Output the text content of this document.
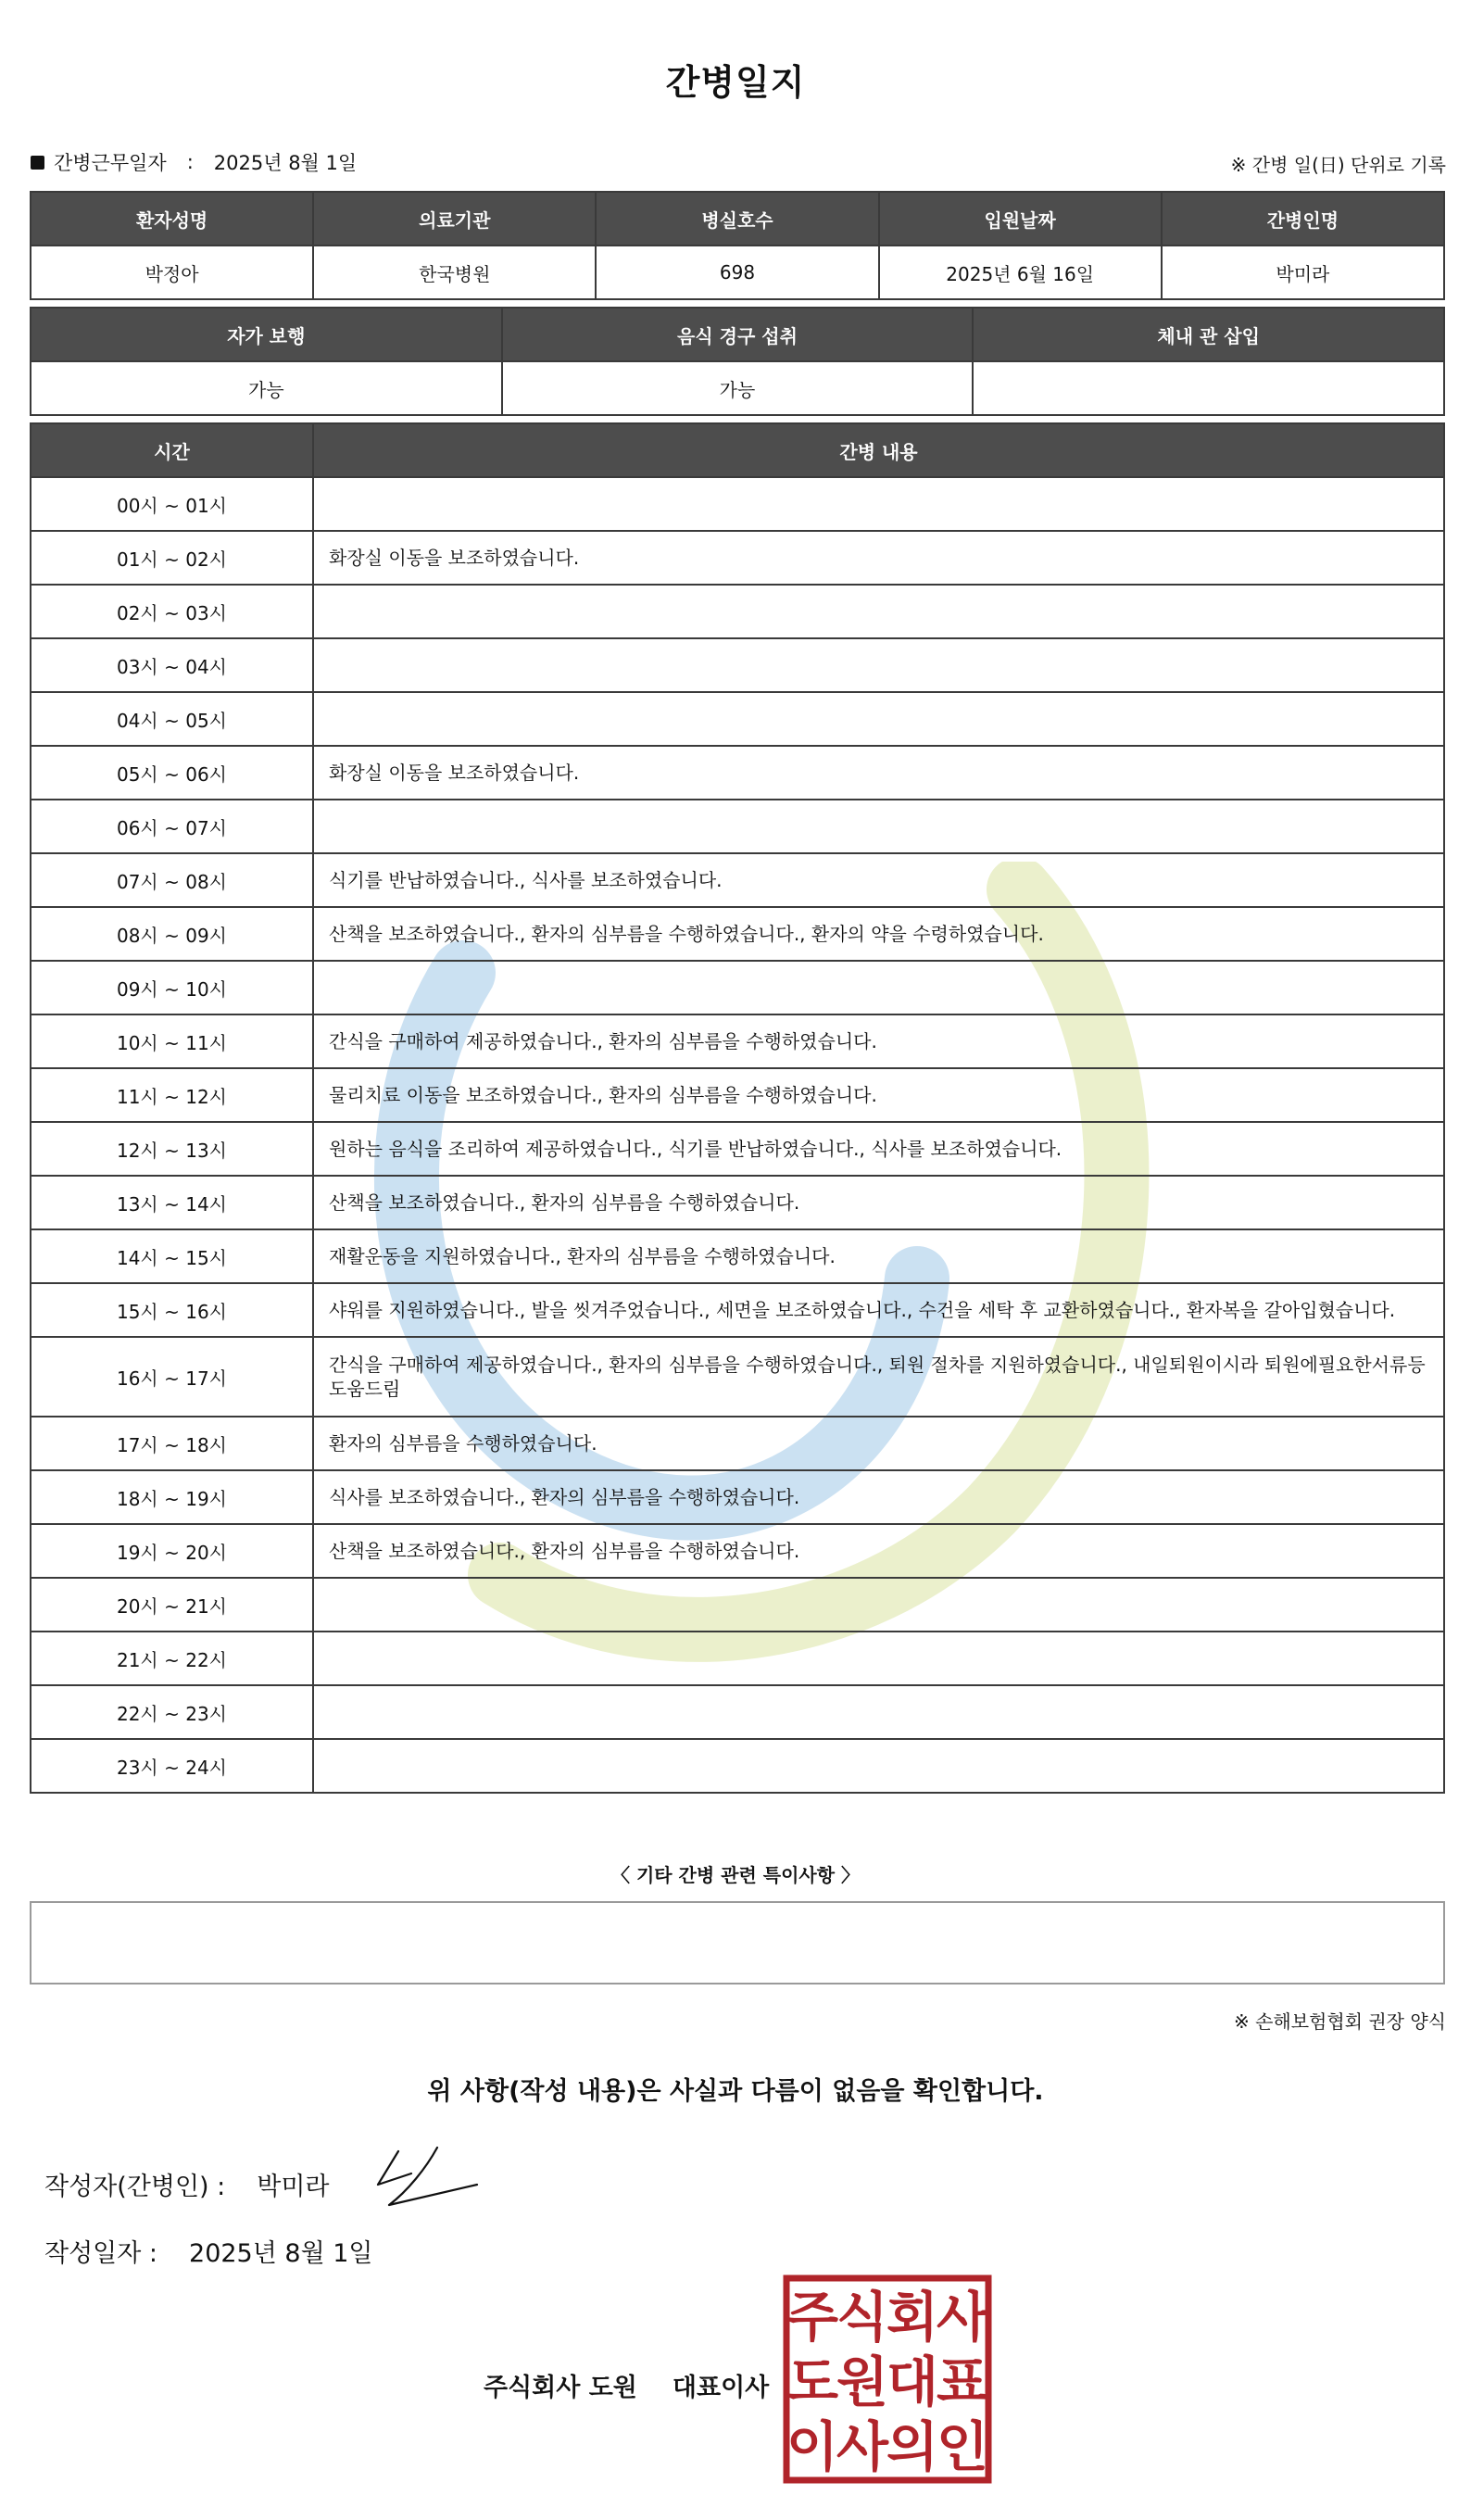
간병일지
간병근무일자 : 2025년 8월 1일	※ 간병 일(日) 단위로 기록
환자성명	의료기관	병실호수	입원날짜	간병인명
박정아	한국병원	698	2025년 6월 16일	박미라
자가 보행	음식 경구 섭취	체내 관 삽입
가능	가능	
시간	간병 내용
00시 ~ 01시	
01시 ~ 02시	화장실 이동을 보조하였습니다.
02시 ~ 03시	
03시 ~ 04시	
04시 ~ 05시	
05시 ~ 06시	화장실 이동을 보조하였습니다.
06시 ~ 07시	
07시 ~ 08시	식기를 반납하였습니다., 식사를 보조하였습니다.
08시 ~ 09시	산책을 보조하였습니다., 환자의 심부름을 수행하였습니다., 환자의 약을 수령하였습니다.
09시 ~ 10시	
10시 ~ 11시	간식을 구매하여 제공하였습니다., 환자의 심부름을 수행하였습니다.
11시 ~ 12시	물리치료 이동을 보조하였습니다., 환자의 심부름을 수행하였습니다.
12시 ~ 13시	원하는 음식을 조리하여 제공하였습니다., 식기를 반납하였습니다., 식사를 보조하였습니다.
13시 ~ 14시	산책을 보조하였습니다., 환자의 심부름을 수행하였습니다.
14시 ~ 15시	재활운동을 지원하였습니다., 환자의 심부름을 수행하였습니다.
15시 ~ 16시	샤워를 지원하였습니다., 발을 씻겨주었습니다., 세면을 보조하였습니다., 수건을 세탁 후 교환하였습니다., 환자복을 갈아입혔습니다.
16시 ~ 17시	간식을 구매하여 제공하였습니다., 환자의 심부름을 수행하였습니다., 퇴원 절차를 지원하였습니다., 내일퇴원이시라 퇴원에필요한서류등 도움드림
17시 ~ 18시	환자의 심부름을 수행하였습니다.
18시 ~ 19시	식사를 보조하였습니다., 환자의 심부름을 수행하였습니다.
19시 ~ 20시	산책을 보조하였습니다., 환자의 심부름을 수행하였습니다.
20시 ~ 21시	
21시 ~ 22시	
22시 ~ 23시	
23시 ~ 24시	
〈 기타 간병 관련 특이사항 〉
※ 손해보험협회 권장 양식
위 사항(작성 내용)은 사실과 다름이 없음을 확인합니다.
작성자(간병인) : 박미라
작성일자 : 2025년 8월 1일
주식회사 도원 대표이사
주
식
회
사
도
원
대
표
이
사
의
인
